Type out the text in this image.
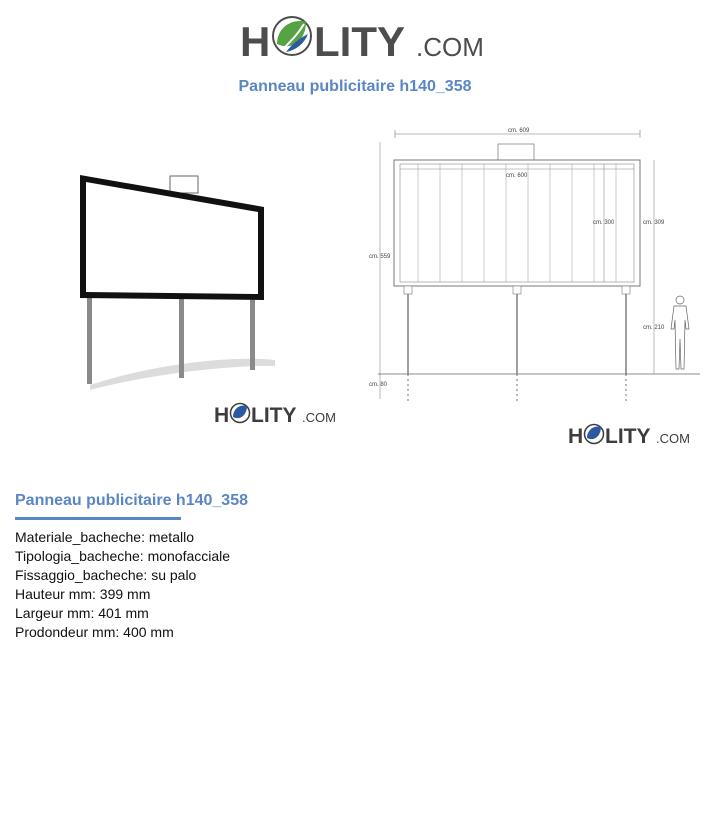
H LITY .COM
Panneau publicitaire h140_358
H LITY .COM
cm. 609
cm. 600
cm. 300	cm. 309
cm. 559
cm. 210
cm. 80
H LITY .COM
Panneau publicitaire h140_358
Materiale_bacheche: metallo
Tipologia_bacheche: monofacciale
Fissaggio_bacheche: su palo
Hauteur mm: 399 mm
Largeur mm: 401 mm
Prodondeur mm: 400 mm
